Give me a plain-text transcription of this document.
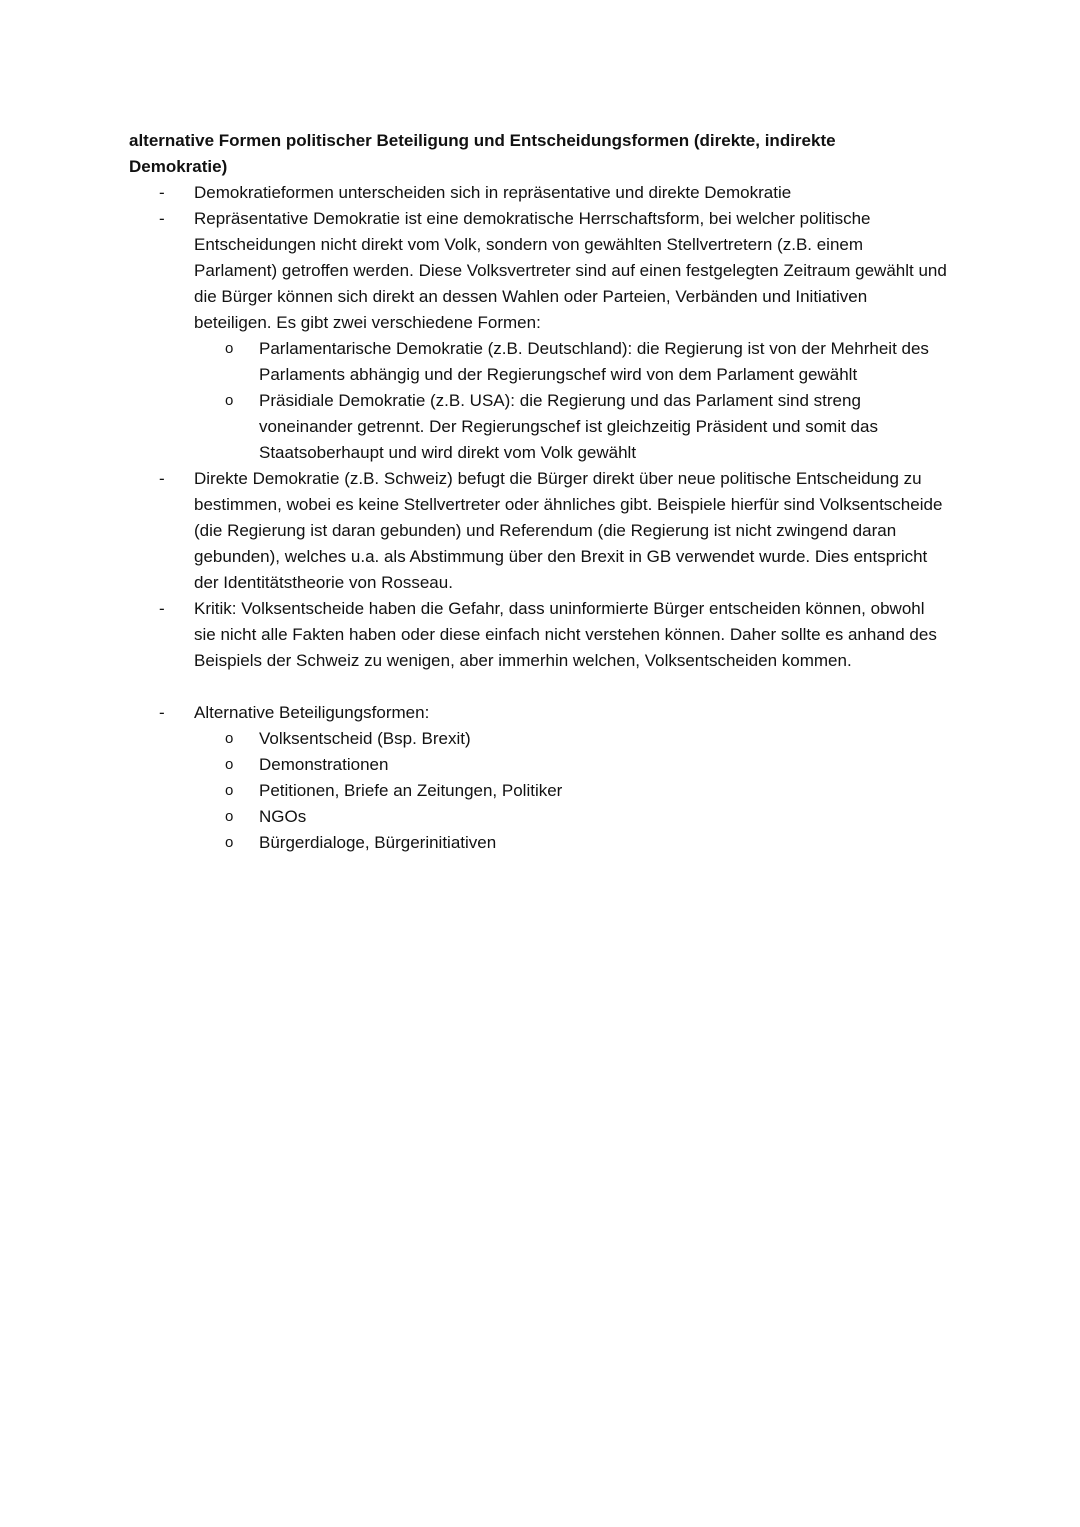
alternative Formen politischer Beteiligung und Entscheidungsformen (direkte, indirekte Demokratie)

- Demokratieformen unterscheiden sich in repräsentative und direkte Demokratie
- Repräsentative Demokratie ist eine demokratische Herrschaftsform, bei welcher politische Entscheidungen nicht direkt vom Volk, sondern von gewählten Stellvertretern (z.B. einem Parlament) getroffen werden. Diese Volksvertreter sind auf einen festgelegten Zeitraum gewählt und die Bürger können sich direkt an dessen Wahlen oder Parteien, Verbänden und Initiativen beteiligen. Es gibt zwei verschiedene Formen:
o Parlamentarische Demokratie (z.B. Deutschland): die Regierung ist von der Mehrheit des Parlaments abhängig und der Regierungschef wird von dem Parlament gewählt
o Präsidiale Demokratie (z.B. USA): die Regierung und das Parlament sind streng voneinander getrennt. Der Regierungschef ist gleichzeitig Präsident und somit das Staatsoberhaupt und wird direkt vom Volk gewählt
- Direkte Demokratie (z.B. Schweiz) befugt die Bürger direkt über neue politische Entscheidung zu bestimmen, wobei es keine Stellvertreter oder ähnliches gibt. Beispiele hierfür sind Volksentscheide (die Regierung ist daran gebunden) und Referendum (die Regierung ist nicht zwingend daran gebunden), welches u.a. als Abstimmung über den Brexit in GB verwendet wurde. Dies entspricht der Identitätstheorie von Rosseau.
- Kritik: Volksentscheide haben die Gefahr, dass uninformierte Bürger entscheiden können, obwohl sie nicht alle Fakten haben oder diese einfach nicht verstehen können. Daher sollte es anhand des Beispiels der Schweiz zu wenigen, aber immerhin welchen, Volksentscheiden kommen.
- Alternative Beteiligungsformen:
o Volksentscheid (Bsp. Brexit)
o Demonstrationen
o Petitionen, Briefe an Zeitungen, Politiker
o NGOs
o Bürgerdialoge, Bürgerinitiativen
